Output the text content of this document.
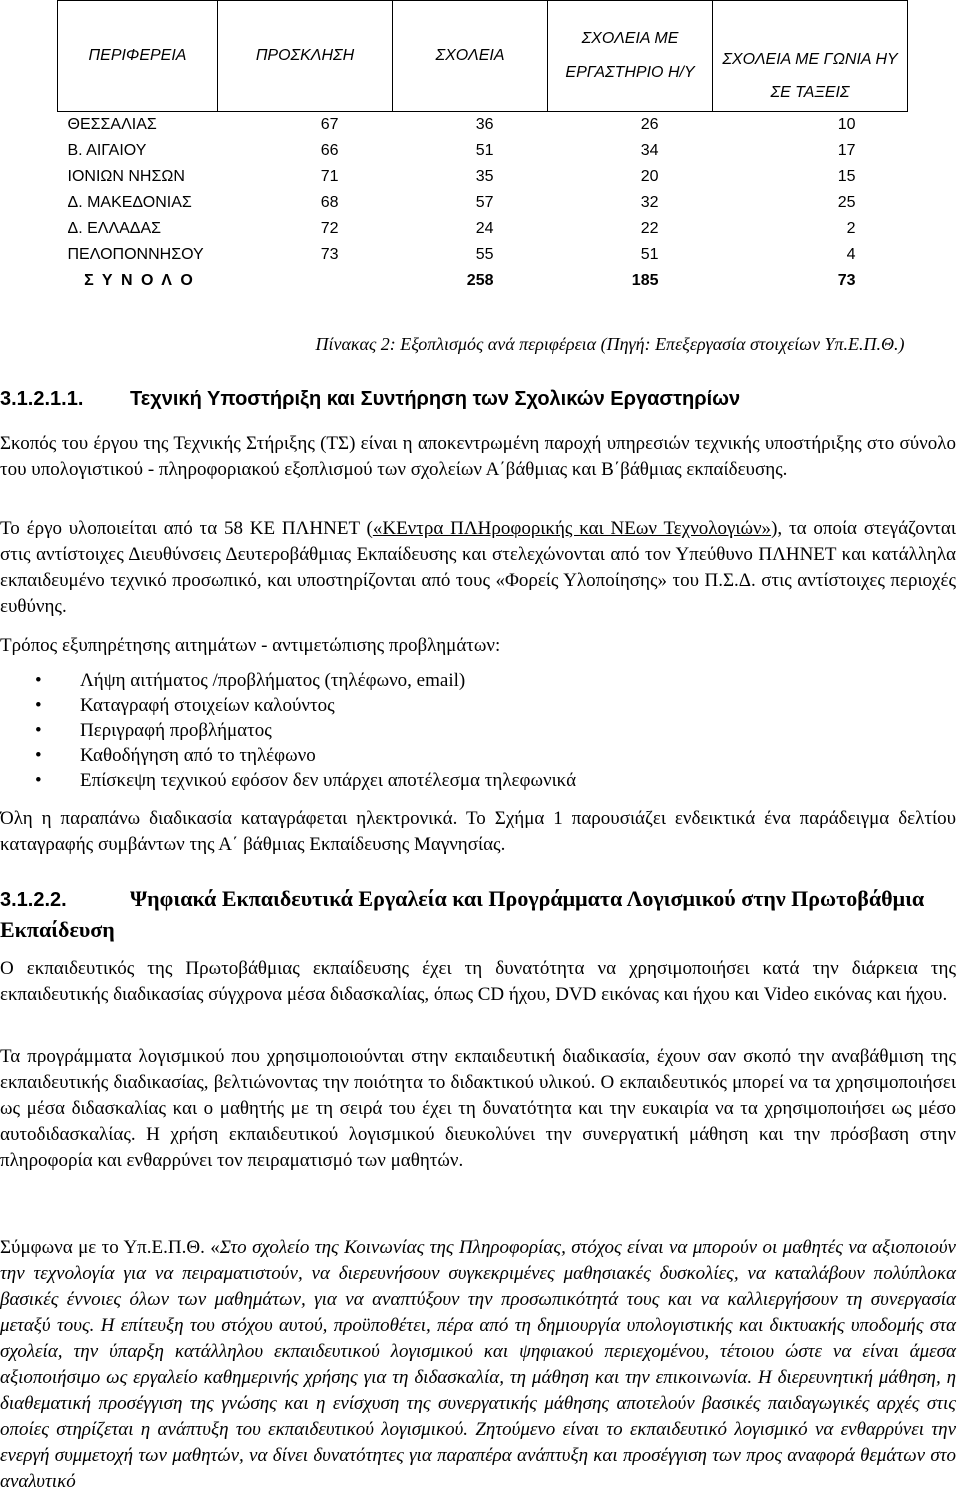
ΠΕΡΙΦΕΡΕΙΑ	ΠΡΟΣΚΛΗΣΗ	ΣΧΟΛΕΙΑ	ΣΧΟΛΕΙΑ ΜΕ ΕΡΓΑΣΤΗΡΙΟ Η/Υ	ΣΧΟΛΕΙΑ ΜΕ ΓΩΝΙΑ ΗΥ ΣΕ ΤΑΞΕΙΣ
ΘΕΣΣΑΛΙΑΣ	67	36	26	10
Β. ΑΙΓΑΙΟΥ	66	51	34	17
ΙΟΝΙΩΝ ΝΗΣΩΝ	71	35	20	15
Δ. ΜΑΚΕΔΟΝΙΑΣ	68	57	32	25
Δ. ΕΛΛΑΔΑΣ	72	24	22	2
ΠΕΛΟΠΟΝΝΗΣΟΥ	73	55	51	4
Σ Υ Ν Ο Λ Ο		258	185	73
Πίνακας 2: Εξοπλισμός ανά περιφέρεια (Πηγή: Επεξεργασία στοιχείων Υπ.Ε.Π.Θ.)
3.1.2.1.1. Τεχνική Υποστήριξη και Συντήρηση των Σχολικών Εργαστηρίων
Σκοπός του έργου της Τεχνικής Στήριξης (ΤΣ) είναι η αποκεντρωμένη παροχή υπηρεσιών τεχνικής υποστήριξης στο σύνολο του υπολογιστικού - πληροφοριακού εξοπλισμού των σχολείων Α΄βάθμιας και Β΄βάθμιας εκπαίδευσης.
Το έργο υλοποιείται από τα 58 ΚΕ ΠΛΗΝΕΤ («ΚΕντρα ΠΛΗροφορικής και ΝΕων Τεχνολογιών»), τα οποία στεγάζονται στις αντίστοιχες Διευθύνσεις Δευτεροβάθμιας Εκπαίδευσης και στελεχώνονται από τον Υπεύθυνο ΠΛΗΝΕΤ και κατάλληλα εκπαιδευμένο τεχνικό προσωπικό, και υποστηρίζονται από τους «Φορείς Υλοποίησης» του Π.Σ.Δ. στις αντίστοιχες περιοχές ευθύνης.
Τρόπος εξυπηρέτησης αιτημάτων - αντιμετώπισης προβλημάτων:
• Λήψη αιτήματος /προβλήματος (τηλέφωνο, email)
• Καταγραφή στοιχείων καλούντος
• Περιγραφή προβλήματος
• Καθοδήγηση από το τηλέφωνο
• Επίσκεψη τεχνικού εφόσον δεν υπάρχει αποτέλεσμα τηλεφωνικά
Όλη η παραπάνω διαδικασία καταγράφεται ηλεκτρονικά. Το Σχήμα 1 παρουσιάζει ενδεικτικά ένα παράδειγμα δελτίου καταγραφής συμβάντων της Α΄ βάθμιας Εκπαίδευσης Μαγνησίας.
3.1.2.2.	Ψηφιακά Εκπαιδευτικά Εργαλεία και Προγράμματα Λογισμικού στην Πρωτοβάθμια Εκπαίδευση
Ο εκπαιδευτικός της Πρωτοβάθμιας εκπαίδευσης έχει τη δυνατότητα να χρησιμοποιήσει κατά την διάρκεια της εκπαιδευτικής διαδικασίας σύγχρονα μέσα διδασκαλίας, όπως CD ήχου, DVD εικόνας και ήχου και Video εικόνας και ήχου.
Τα προγράμματα λογισμικού που χρησιμοποιούνται στην εκπαιδευτική διαδικασία, έχουν σαν σκοπό την αναβάθμιση της εκπαιδευτικής διαδικασίας, βελτιώνοντας την ποιότητα το διδακτικού υλικού. Ο εκπαιδευτικός μπορεί να τα χρησιμοποιήσει ως μέσα διδασκαλίας και ο μαθητής με τη σειρά του έχει τη δυνατότητα και την ευκαιρία να τα χρησιμοποιήσει ως μέσο αυτοδιδασκαλίας. Η χρήση εκπαιδευτικού λογισμικού διευκολύνει την συνεργατική μάθηση και την πρόσβαση στην πληροφορία και ενθαρρύνει τον πειραματισμό των μαθητών.
Σύμφωνα με το Υπ.Ε.Π.Θ. «Στο σχολείο της Κοινωνίας της Πληροφορίας, στόχος είναι να μπορούν οι μαθητές να αξιοποιούν την τεχνολογία για να πειραματιστούν, να διερευνήσουν συγκεκριμένες μαθησιακές δυσκολίες, να καταλάβουν πολύπλοκα βασικές έννοιες όλων των μαθημάτων, για να αναπτύξουν την προσωπικότητά τους και να καλλιεργήσουν τη συνεργασία μεταξύ τους. Η επίτευξη του στόχου αυτού, προϋποθέτει, πέρα από τη δημιουργία υπολογιστικής και δικτυακής υποδομής στα σχολεία, την ύπαρξη κατάλληλου εκπαιδευτικού λογισμικού και ψηφιακού περιεχομένου, τέτοιου ώστε να είναι άμεσα αξιοποιήσιμο ως εργαλείο καθημερινής χρήσης για τη διδασκαλία, τη μάθηση και την επικοινωνία. Η διερευνητική μάθηση, η διαθεματική προσέγγιση της γνώσης και η ενίσχυση της συνεργατικής μάθησης αποτελούν βασικές παιδαγωγικές αρχές στις οποίες στηρίζεται η ανάπτυξη του εκπαιδευτικού λογισμικού. Ζητούμενο είναι το εκπαιδευτικό λογισμικό να ενθαρρύνει την ενεργή συμμετοχή των μαθητών, να δίνει δυνατότητες για παραπέρα ανάπτυξη και προσέγγιση των προς αναφορά θεμάτων στο αναλυτικό
